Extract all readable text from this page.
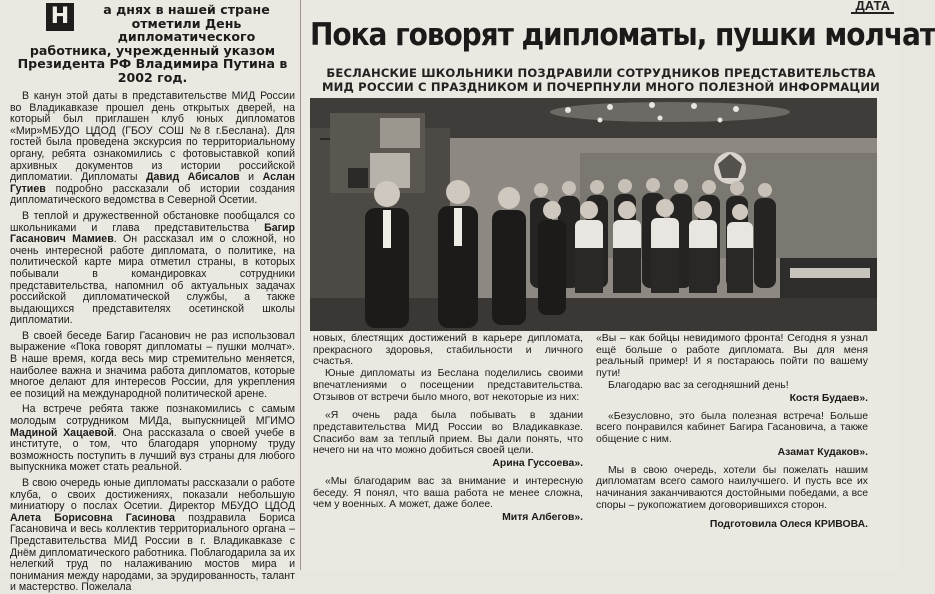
Н	а днях в нашей стране отметили День дипломатического работника, учрежденный указом Президента РФ Владимира Путина в 2002 год.

В канун этой даты в представительстве МИД России во Владикавказе прошел день открытых дверей, на который был приглашен клуб юных дипломатов «Мир»МБУДО ЦДОД (ГБОУ СОШ №8 г.Беслана). Для гостей была проведена экскурсия по территориальному органу, ребята ознакомились с фотовыставкой копий архивных документов из истории российской дипломатии. Дипломаты Давид Абисалов и Аслан Гутиев подробно рассказали об истории создания дипломатического ведомства в Северной Осетии.

В теплой и дружественной обстановке пообщался со школьниками и глава представительства Багир Гасанович Мамиев. Он рассказал им о сложной, но очень интересной работе дипломата, о политике, на политической карте мира отметил страны, в которых побывали в командировках сотрудники представительства, напомнил об актуальных задачах российской дипломатической службы, а также выдающихся представителях осетинской школы дипломатии.

В своей беседе Багир Гасанович не раз использовал выражение «Пока говорят дипломаты – пушки молчат». В наше время, когда весь мир стремительно меняется, наиболее важна и значима работа дипломатов, которые многое делают для интересов России, для укрепления ее позиций на международной политической арене.

На встрече ребята также познакомились с самым молодым сотрудником МИДа, выпускницей МГИМО Мадиной Хацаевой. Она рассказала о своей учебе в институте, о том, что благодаря упорному труду возможность поступить в лучший вуз страны для любого выпускника может стать реальной.

В свою очередь юные дипломаты рассказали о работе клуба, о своих достижениях, показали небольшую миниатюру о послах Осетии. Директор МБУДО ЦДОД Алета Борисовна Гасинова поздравила Бориса Гасановича и весь коллектив территориального органа – Представительства МИД России в г. Владикавказе с Днём дипломатического работника. Поблагодарила за их нелегкий труд по налаживанию мостов мира и понимания между народами, за эрудированность, талант и мастерство. Пожелала

ДАТА
Пока говорят дипломаты, пушки молчат
БЕСЛАНСКИЕ ШКОЛЬНИКИ ПОЗДРАВИЛИ СОТРУДНИКОВ ПРЕДСТАВИТЕЛЬСТВА МИД РОССИИ С ПРАЗДНИКОМ И ПОЧЕРПНУЛИ МНОГО ПОЛЕЗНОЙ ИНФОРМАЦИИ

новых, блестящих достижений в карьере дипломата, прекрасного здоровья, стабильности и личного счастья.

Юные дипломаты из Беслана поделились своими впечатлениями о посещении представительства. Отзывов от встречи было много, вот некоторые из них:

«Я очень рада была побывать в здании представительства МИД России во Владикавказе. Спасибо вам за теплый прием. Вы дали понять, что нечего ни на что можно добиться своей цели.

Арина Гуссоева».

«Мы благодарим вас за внимание и интересную беседу. Я понял, что ваша работа не менее сложна, чем у военных. А может, даже более.

Митя Албегов».

«Вы – как бойцы невидимого фронта! Сегодня я узнал ещё больше о работе дипломата. Вы для меня реальный пример! И я постараюсь пойти по вашему пути!

Благодарю вас за сегодняшний день!

Костя Будаев».

«Безусловно, это была полезная встреча! Больше всего понравился кабинет Багира Гасановича, а также общение с ним.

Азамат Кудаков».

Мы в свою очередь, хотели бы пожелать нашим дипломатам всего самого наилучшего. И пусть все их начинания заканчиваются достойными победами, а все споры – рукопожатием договорившихся сторон.

Подготовила Олеся КРИВОВА.
